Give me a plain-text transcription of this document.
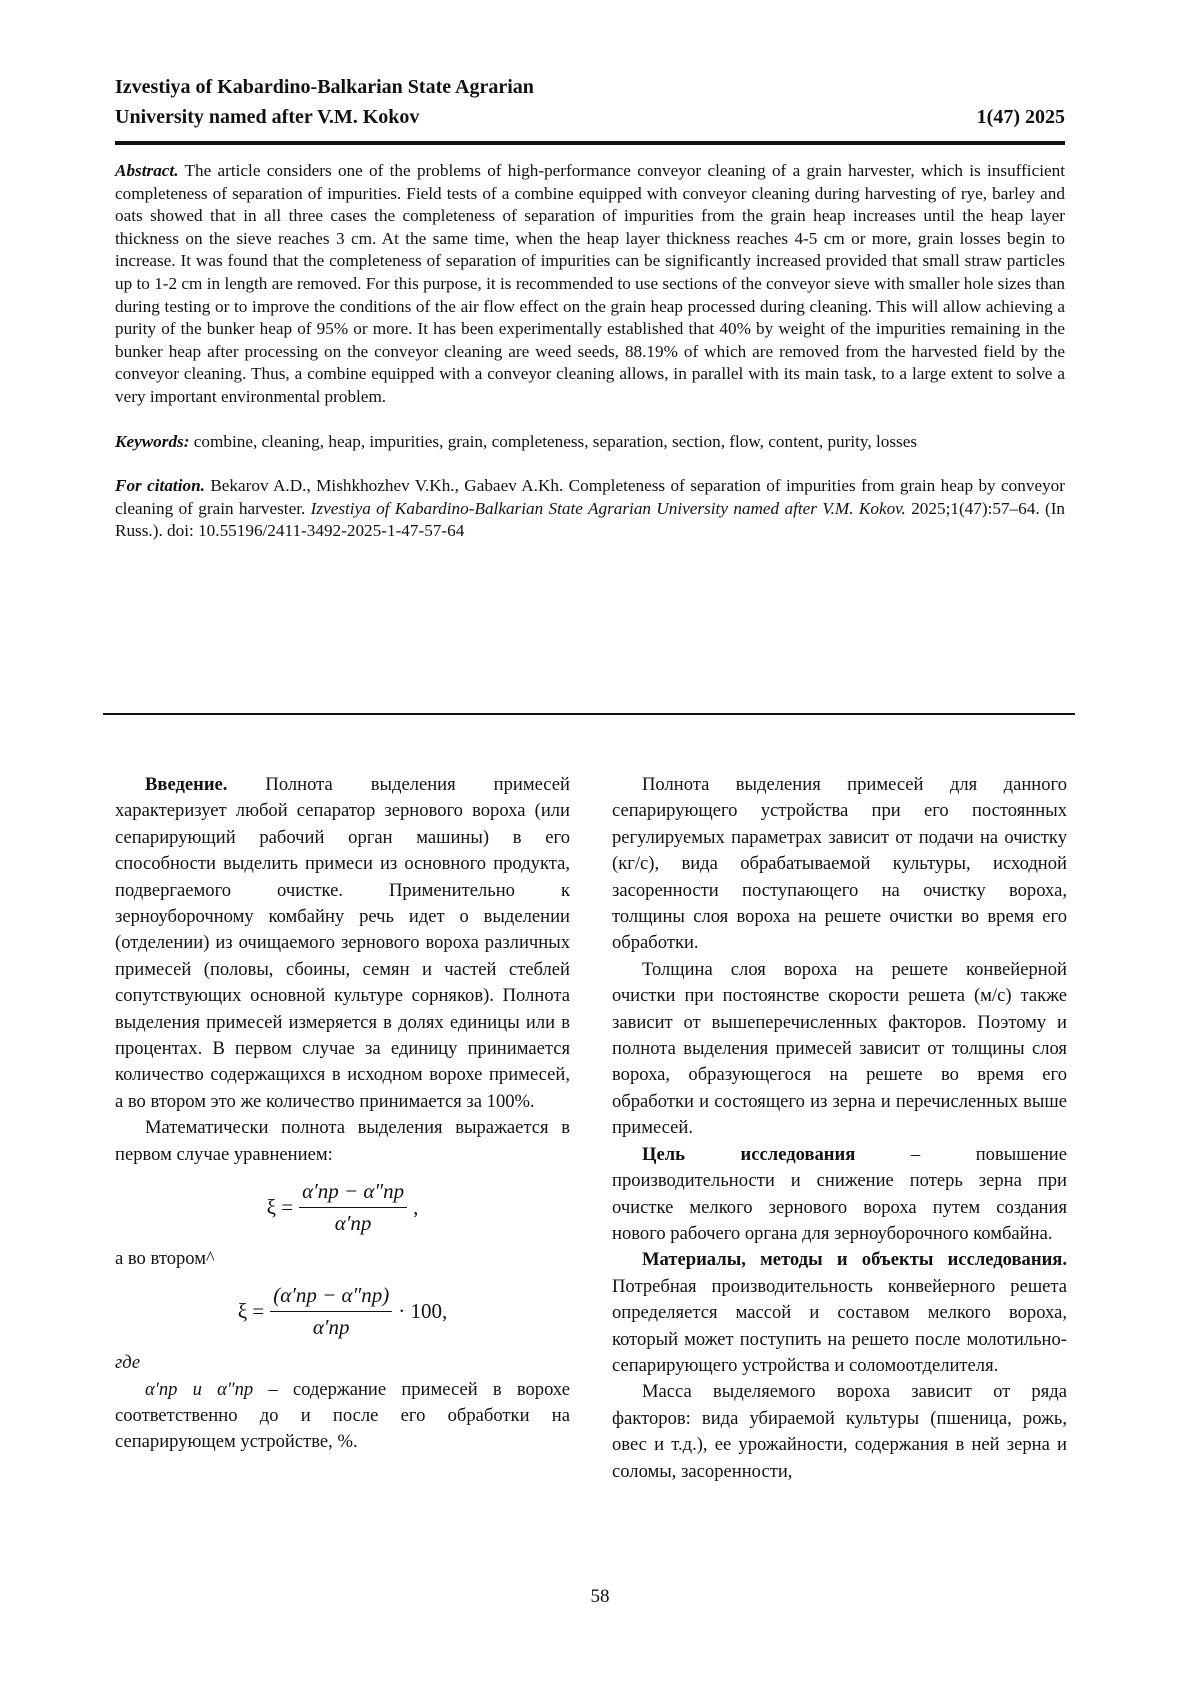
Izvestiya of Kabardino-Balkarian State Agrarian
University named after V.M. Kokov	1(47) 2025

Abstract. The article considers one of the problems of high-performance conveyor cleaning of a grain harvester, which is insufficient completeness of separation of impurities. Field tests of a combine equipped with conveyor cleaning during harvesting of rye, barley and oats showed that in all three cases the completeness of separation of impurities from the grain heap increases until the heap layer thickness on the sieve reaches 3 cm. At the same time, when the heap layer thickness reaches 4-5 cm or more, grain losses begin to increase. It was found that the completeness of separation of impurities can be significantly increased provided that small straw particles up to 1-2 cm in length are removed. For this purpose, it is recommended to use sections of the conveyor sieve with smaller hole sizes than during testing or to improve the conditions of the air flow effect on the grain heap processed during cleaning. This will allow achieving a purity of the bunker heap of 95% or more. It has been experimentally established that 40% by weight of the impurities remaining in the bunker heap after processing on the conveyor cleaning are weed seeds, 88.19% of which are removed from the harvested field by the conveyor cleaning. Thus, a combine equipped with a conveyor cleaning allows, in parallel with its main task, to a large extent to solve a very important environmental problem.

Keywords: combine, cleaning, heap, impurities, grain, completeness, separation, section, flow, content, purity, losses

For citation. Bekarov A.D., Mishkhozhev V.Kh., Gabaev A.Kh. Completeness of separation of impurities from grain heap by conveyor cleaning of grain harvester. Izvestiya of Kabardino-Balkarian State Agrarian University named after V.M. Kokov. 2025;1(47):57–64. (In Russ.). doi: 10.55196/2411-3492-2025-1-47-57-64

Введение. Полнота выделения примесей характеризует любой сепаратор зернового вороха (или сепарирующий рабочий орган машины) в его способности выделить примеси из основного продукта, подвергаемого очистке. Применительно к зерноуборочному комбайну речь идет о выделении (отделении) из очищаемого зернового вороха различных примесей (половы, сбоины, семян и частей стеблей сопутствующих основной культуре сорняков). Полнота выделения примесей измеряется в долях единицы или в процентах. В первом случае за единицу принимается количество содержащихся в исходном ворохе примесей, а во втором это же количество принимается за 100%.

Математически полнота выделения выражается в первом случае уравнением:

ξ =
α′пр − α″пр
α′пр
,

а во втором^

ξ =
(α′пр − α″пр)
α′пр
· 100,

где

α′пр и α″пр – содержание примесей в ворохе соответственно до и после его обработки на сепарирующем устройстве, %.

Полнота выделения примесей для данного сепарирующего устройства при его постоянных регулируемых параметрах зависит от подачи на очистку (кг/с), вида обрабатываемой культуры, исходной засоренности поступающего на очистку вороха, толщины слоя вороха на решете очистки во время его обработки.

Толщина слоя вороха на решете конвейерной очистки при постоянстве скорости решета (м/с) также зависит от вышеперечисленных факторов. Поэтому и полнота выделения примесей зависит от толщины слоя вороха, образующегося на решете во время его обработки и состоящего из зерна и перечисленных выше примесей.

Цель исследования	– повышение производительности и снижение потерь зерна при очистке мелкого зернового вороха путем создания нового рабочего органа для зерноуборочного комбайна.

Материалы, методы и объекты исследования. Потребная производительность конвейерного решета определяется массой и составом мелкого вороха, который может поступить на решето после молотильно-сепарирующего устройства и соломоотделителя.

Масса выделяемого вороха зависит от ряда факторов: вида убираемой культуры (пшеница, рожь, овес и т.д.), ее урожайности, содержания в ней зерна и соломы, засоренности,

58
